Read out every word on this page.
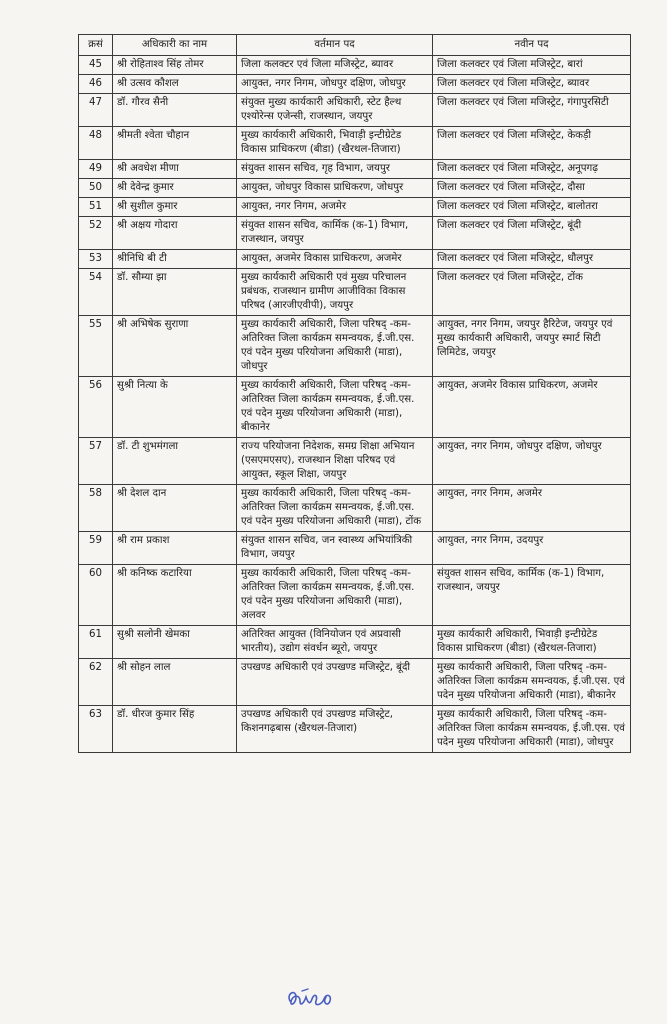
क्रसं	अधिकारी का नाम	वर्तमान पद	नवीन पद
45	श्री रोहिताश्व सिंह तोमर	जिला कलक्टर एवं जिला मजिस्ट्रेट, ब्यावर	जिला कलक्टर एवं जिला मजिस्ट्रेट, बारां
46	श्री उत्सव कौशल	आयुक्त, नगर निगम, जोधपुर दक्षिण, जोधपुर	जिला कलक्टर एवं जिला मजिस्ट्रेट, ब्यावर
47	डॉ. गौरव सैनी	संयुक्त मुख्य कार्यकारी अधिकारी, स्टेट हैल्थ एश्योरेन्स एजेन्सी, राजस्थान, जयपुर	जिला कलक्टर एवं जिला मजिस्ट्रेट, गंगापुरसिटी
48	श्रीमती श्वेता चौहान	मुख्य कार्यकारी अधिकारी, भिवाड़ी इन्टीग्रेटेड विकास प्राधिकरण (बीडा) (खैरथल-तिजारा)	जिला कलक्टर एवं जिला मजिस्ट्रेट, केकड़ी
49	श्री अवधेश मीणा	संयुक्त शासन सचिव, गृह विभाग, जयपुर	जिला कलक्टर एवं जिला मजिस्ट्रेट, अनूपगढ़
50	श्री देवेन्द्र कुमार	आयुक्त, जोधपुर विकास प्राधिकरण, जोधपुर	जिला कलक्टर एवं जिला मजिस्ट्रेट, दौसा
51	श्री सुशील कुमार	आयुक्त, नगर निगम, अजमेर	जिला कलक्टर एवं जिला मजिस्ट्रेट, बालोतरा
52	श्री अक्षय गोदारा	संयुक्त शासन सचिव, कार्मिक (क-1) विभाग, राजस्थान, जयपुर	जिला कलक्टर एवं जिला मजिस्ट्रेट, बूंदी
53	श्रीनिधि बी टी	आयुक्त, अजमेर विकास प्राधिकरण, अजमेर	जिला कलक्टर एवं जिला मजिस्ट्रेट, धौलपुर
54	डॉ. सौम्या झा	मुख्य कार्यकारी अधिकारी एवं मुख्य परिचालन प्रबंधक, राजस्थान ग्रामीण आजीविका विकास परिषद (आरजीएवीपी), जयपुर	जिला कलक्टर एवं जिला मजिस्ट्रेट, टोंक
55	श्री अभिषेक सुराणा	मुख्य कार्यकारी अधिकारी, जिला परिषद् -कम- अतिरिक्त जिला कार्यक्रम समन्वयक, ई.जी.एस. एवं पदेन मुख्य परियोजना अधिकारी (माडा), जोधपुर	आयुक्त, नगर निगम, जयपुर हैरिटेज, जयपुर एवं मुख्य कार्यकारी अधिकारी, जयपुर स्मार्ट सिटी लिमिटेड, जयपुर
56	सुश्री नित्या के	मुख्य कार्यकारी अधिकारी, जिला परिषद् -कम- अतिरिक्त जिला कार्यक्रम समन्वयक, ई.जी.एस. एवं पदेन मुख्य परियोजना अधिकारी (माडा), बीकानेर	आयुक्त, अजमेर विकास प्राधिकरण, अजमेर
57	डॉ. टी शुभमंगला	राज्य परियोजना निदेशक, समग्र शिक्षा अभियान (एसएमएसए), राजस्थान शिक्षा परिषद एवं आयुक्त, स्कूल शिक्षा, जयपुर	आयुक्त, नगर निगम, जोधपुर दक्षिण, जोधपुर
58	श्री देशल दान	मुख्य कार्यकारी अधिकारी, जिला परिषद् -कम- अतिरिक्त जिला कार्यक्रम समन्वयक, ई.जी.एस. एवं पदेन मुख्य परियोजना अधिकारी (माडा), टोंक	आयुक्त, नगर निगम, अजमेर
59	श्री राम प्रकाश	संयुक्त शासन सचिव, जन स्वास्थ्य अभियांत्रिकी विभाग, जयपुर	आयुक्त, नगर निगम, उदयपुर
60	श्री कनिष्क कटारिया	मुख्य कार्यकारी अधिकारी, जिला परिषद् -कम- अतिरिक्त जिला कार्यक्रम समन्वयक, ई.जी.एस. एवं पदेन मुख्य परियोजना अधिकारी (माडा), अलवर	संयुक्त शासन सचिव, कार्मिक (क-1) विभाग, राजस्थान, जयपुर
61	सुश्री सलोनी खेमका	अतिरिक्त आयुक्त (विनियोजन एवं अप्रवासी भारतीय), उद्योग संवर्धन ब्यूरो, जयपुर	मुख्य कार्यकारी अधिकारी, भिवाड़ी इन्टीग्रेटेड विकास प्राधिकरण (बीडा) (खैरथल-तिजारा)
62	श्री सोहन लाल	उपखण्ड अधिकारी एवं उपखण्ड मजिस्ट्रेट, बूंदी	मुख्य कार्यकारी अधिकारी, जिला परिषद् -कम- अतिरिक्त जिला कार्यक्रम समन्वयक, ई.जी.एस. एवं पदेन मुख्य परियोजना अधिकारी (माडा), बीकानेर
63	डॉ. धीरज कुमार सिंह	उपखण्ड अधिकारी एवं उपखण्ड मजिस्ट्रेट, किशनगढ़बास (खैरथल-तिजारा)	मुख्य कार्यकारी अधिकारी, जिला परिषद् -कम- अतिरिक्त जिला कार्यक्रम समन्वयक, ई.जी.एस. एवं पदेन मुख्य परियोजना अधिकारी (माडा), जोधपुर
